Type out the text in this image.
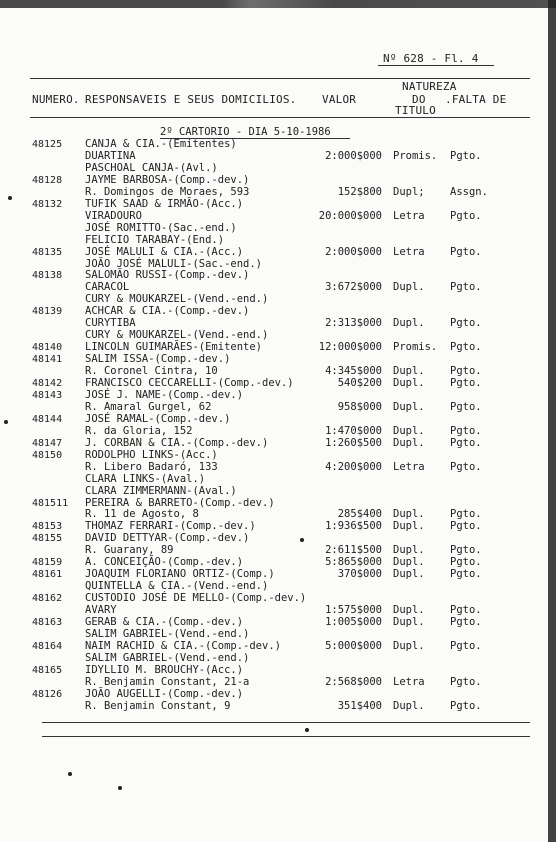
Nº 628 - Fl. 4
NUMERO. RESPONSAVEIS E SEUS DOMICILIOS. VALOR
NATUREZA
DO
TITULO
.FALTA DE
2º CARTORIO - DIA 5-10-1986
48125 CANJA & CIA.-(Emitentes)
DUARTINA	2:000$000 Promis. Pgto.
PASCHOAL CANJA-(Avl.)
48128 JAYME BARBOSA-(Comp.-dev.)
R. Domingos de Moraes, 593	152$800 Dupl; Assgn.
48132 TUFIK SAAD & IRMÃO-(Acc.)
VIRADOURO	20:000$000 Letra Pgto.
JOSÉ ROMITTO-(Sac.-end.)
FELICIO TARABAY-(End.)
48135 JOSÉ MALULI & CIA.-(Acc.)	2:000$000 Letra Pgto.
JOÃO JOSÉ MALULI-(Sac.-end.)
48138 SALOMÃO RUSSI-(Comp.-dev.)
CARACOL	3:672$000 Dupl. Pgto.
CURY & MOUKARZEL-(Vend.-end.)
48139 ACHCAR & CIA.-(Comp.-dev.)
CURYTIBA	2:313$000 Dupl. Pgto.
CURY & MOUKARZEL-(Vend.-end.)
48140 LINCOLN GUIMARÃES-(Emitente)	12:000$000 Promis. Pgto.
48141 SALIM ISSA-(Comp.-dev.)
R. Coronel Cintra, 10	4:345$000 Dupl. Pgto.
48142 FRANCISCO CECCARELLI-(Comp.-dev.)	540$200 Dupl. Pgto.
48143 JOSÉ J. NAME-(Comp.-dev.)
R. Amaral Gurgel, 62	958$000 Dupl. Pgto.
48144 JOSÉ RAMAL-(Comp.-dev.)
R. da Gloria, 152	1:470$000 Dupl. Pgto.
48147 J. CORBAN & CIA.-(Comp.-dev.)	1:260$500 Dupl. Pgto.
48150 RODOLPHO LINKS-(Acc.)
R. Libero Badaró, 133	4:200$000 Letra Pgto.
CLARA LINKS-(Aval.)
CLARA ZIMMERMANN-(Aval.)
481511 PEREIRA & BARRETO-(Comp.-dev.)
R. 11 de Agosto, 8	285$400 Dupl. Pgto.
48153 THOMAZ FERRARI-(Comp.-dev.)	1:936$500 Dupl. Pgto.
48155 DAVID DETTYAR-(Comp.-dev.)
R. Guarany, 89	2:611$500 Dupl. Pgto.
48159 A. CONCEIÇÃO-(Comp.-dev.)	5:865$000 Dupl. Pgto.
48161 JOAQUIM FLORIANO ORTIZ-(Comp.)	370$000 Dupl. Pgto.
QUINTELLA & CIA.-(Vend.-end.)
48162 CUSTODIO JOSÉ DE MELLO-(Comp.-dev.)
AVARY	1:575$000 Dupl. Pgto.
48163 GERAB & CIA.-(Comp.-dev.)	1:005$000 Dupl. Pgto.
SALIM GABRIEL-(Vend.-end.)
48164 NAIM RACHID & CIA.-(Comp.-dev.)	5:000$000 Dupl. Pgto.
SALIM GABRIEL-(Vend.-end.)
48165 IDYLLIO M. BROUCHY-(Acc.)
R. Benjamin Constant, 21-a	2:568$000 Letra Pgto.
48126 JOÃO AUGELLI-(Comp.-dev.)
R. Benjamin Constant, 9	351$400 Dupl. Pgto.
